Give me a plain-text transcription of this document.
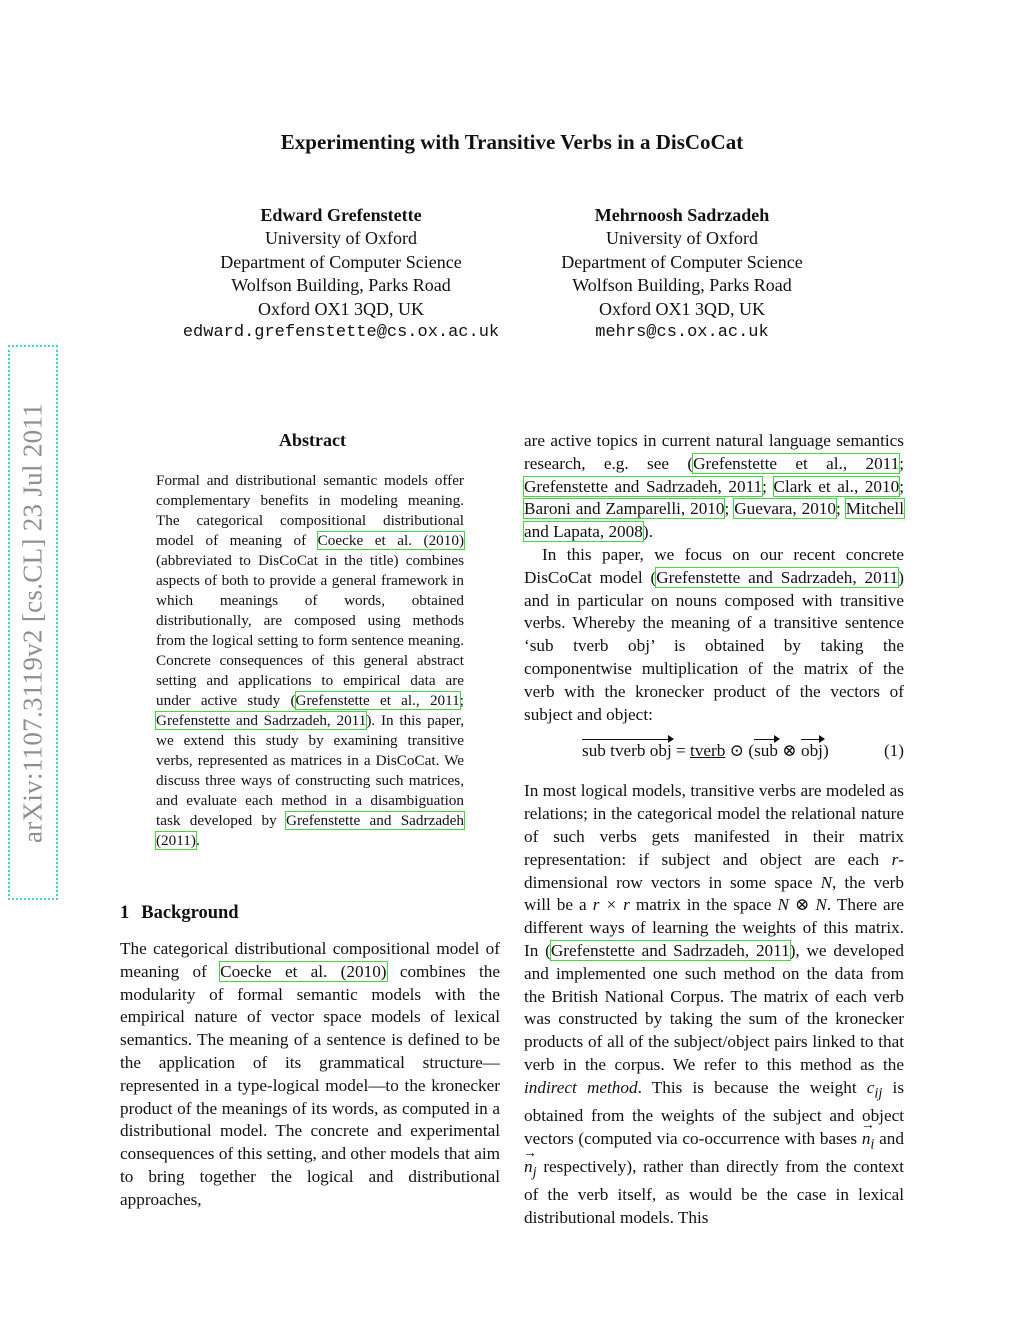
Experimenting with Transitive Verbs in a DisCoCat
Edward Grefenstette
University of Oxford
Department of Computer Science
Wolfson Building, Parks Road
Oxford OX1 3QD, UK
edward.grefenstette@cs.ox.ac.uk
Mehrnoosh Sadrzadeh
University of Oxford
Department of Computer Science
Wolfson Building, Parks Road
Oxford OX1 3QD, UK
mehrs@cs.ox.ac.uk
arXiv:1107.3119v2 [cs.CL] 23 Jul 2011	Abstract

Formal and distributional semantic models offer complementary benefits in modeling meaning. The categorical compositional distributional model of meaning of Coecke et al. (2010) (abbreviated to DisCoCat in the title) combines aspects of both to provide a general framework in which meanings of words, obtained distributionally, are composed using methods from the logical setting to form sentence meaning. Concrete consequences of this general abstract setting and applications to empirical data are under active study (Grefenstette et al., 2011; Grefenstette and Sadrzadeh, 2011). In this paper, we extend this study by examining transitive verbs, represented as matrices in a DisCoCat. We discuss three ways of constructing such matrices, and evaluate each method in a disambiguation task developed by Grefenstette and Sadrzadeh (2011).

1 Background

The categorical distributional compositional model of meaning of Coecke et al. (2010) combines the modularity of formal semantic models with the empirical nature of vector space models of lexical semantics. The meaning of a sentence is defined to be the application of its grammatical structure—represented in a type-logical model—to the kronecker product of the meanings of its words, as computed in a distributional model. The concrete and experimental consequences of this setting, and other models that aim to bring together the logical and distributional approaches,

are active topics in current natural language semantics research, e.g. see (Grefenstette et al., 2011; Grefenstette and Sadrzadeh, 2011; Clark et al., 2010; Baroni and Zamparelli, 2010; Guevara, 2010; Mitchell and Lapata, 2008).

In this paper, we focus on our recent concrete DisCoCat model (Grefenstette and Sadrzadeh, 2011) and in particular on nouns composed with transitive verbs. Whereby the meaning of a transitive sentence ‘sub tverb obj’ is obtained by taking the componentwise multiplication of the matrix of the verb with the kronecker product of the vectors of subject and object:

sub tverb obj = tverb ⊙ (sub ⊗ obj)	(1)

In most logical models, transitive verbs are modeled as relations; in the categorical model the relational nature of such verbs gets manifested in their matrix representation: if subject and object are each r-dimensional row vectors in some space N, the verb will be a r × r matrix in the space N ⊗ N. There are different ways of learning the weights of this matrix. In (Grefenstette and Sadrzadeh, 2011), we developed and implemented one such method on the data from the British National Corpus. The matrix of each verb was constructed by taking the sum of the kronecker products of all of the subject/object pairs linked to that verb in the corpus. We refer to this method as the indirect method. This is because the weight $c_{ij}$ is obtained from the weights of the subject and object vectors (computed via co-occurrence with bases → $n_i$ and → $n_j$ respectively), rather than directly from the context of the verb itself, as would be the case in lexical distributional models. This
